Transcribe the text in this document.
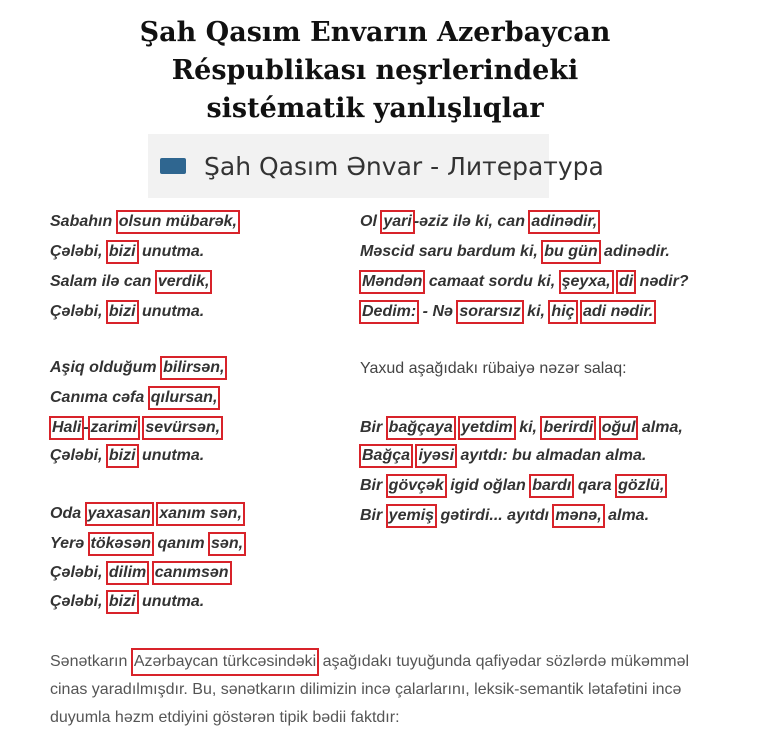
Şah Qasım Envarın Azerbaycan
Réspublikası neşrlerindeki
sistématik yanlışlıqlar
Şah Qasım Ənvar - Литература
Sabahın olsun mübarək,
Çələbi, bizi unutma.
Salam ilə can verdik,
Çələbi, bizi unutma.
Aşiq olduğum bilirsən,
Canıma cəfa qılursan,
Hali - zarimi sevürsən,
Çələbi, bizi unutma.
Oda yaxasan xanım sən,
Yerə tökəsən qanım sən,
Çələbi, dilim canımsən
Çələbi, bizi unutma.
Ol yari -əziz ilə ki, can adinədir,
Məscid saru bardum ki, bu gün adinədir.
Məndən camaat sordu ki, şeyxa, di nədir?
Dedim: - Nə sorarsız ki, hiç adi nədir.
Yaxud aşağıdakı rübaiyə nəzər salaq:
Bir bağçaya yetdim ki, berirdi oğul alma,
Bağça iyəsi ayıtdı: bu almadan alma.
Bir gövçək igid oğlan bardı qara gözlü,
Bir yemiş gətirdi... ayıtdı mənə, alma.
Sənətkarın Azərbaycan türkcəsindəki aşağıdakı tuyuğunda qafiyədar sözlərdə mükəmməl cinas yaradılmışdır. Bu, sənətkarın dilimizin incə çalarlarını, leksik-semantik lətafətini incə duyumla həzm etdiyini göstərən tipik bədii faktdır:
